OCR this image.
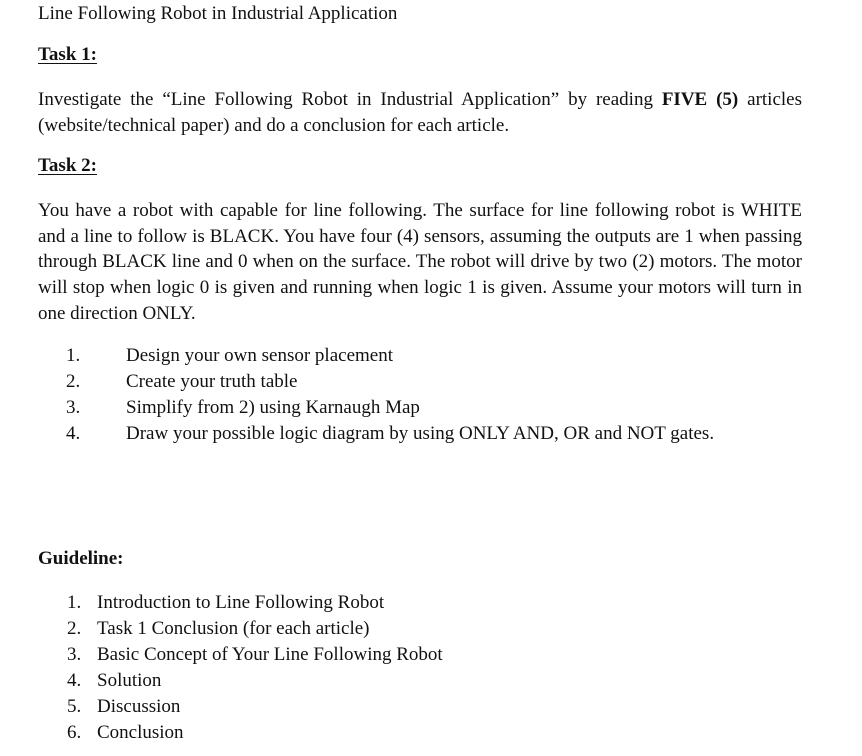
Line Following Robot in Industrial Application
Task 1:
Investigate the “Line Following Robot in Industrial Application” by reading FIVE (5) articles (website/technical paper) and do a conclusion for each article.
Task 2:
You have a robot with capable for line following. The surface for line following robot is WHITE and a line to follow is BLACK. You have four (4) sensors, assuming the outputs are 1 when passing through BLACK line and 0 when on the surface. The robot will drive by two (2) motors. The motor will stop when logic 0 is given and running when logic 1 is given. Assume your motors will turn in one direction ONLY.
1. Design your own sensor placement
2. Create your truth table
3. Simplify from 2) using Karnaugh Map
4. Draw your possible logic diagram by using ONLY AND, OR and NOT gates.
Guideline:
1. Introduction to Line Following Robot
2. Task 1 Conclusion (for each article)
3. Basic Concept of Your Line Following Robot
4. Solution
5. Discussion
6. Conclusion
